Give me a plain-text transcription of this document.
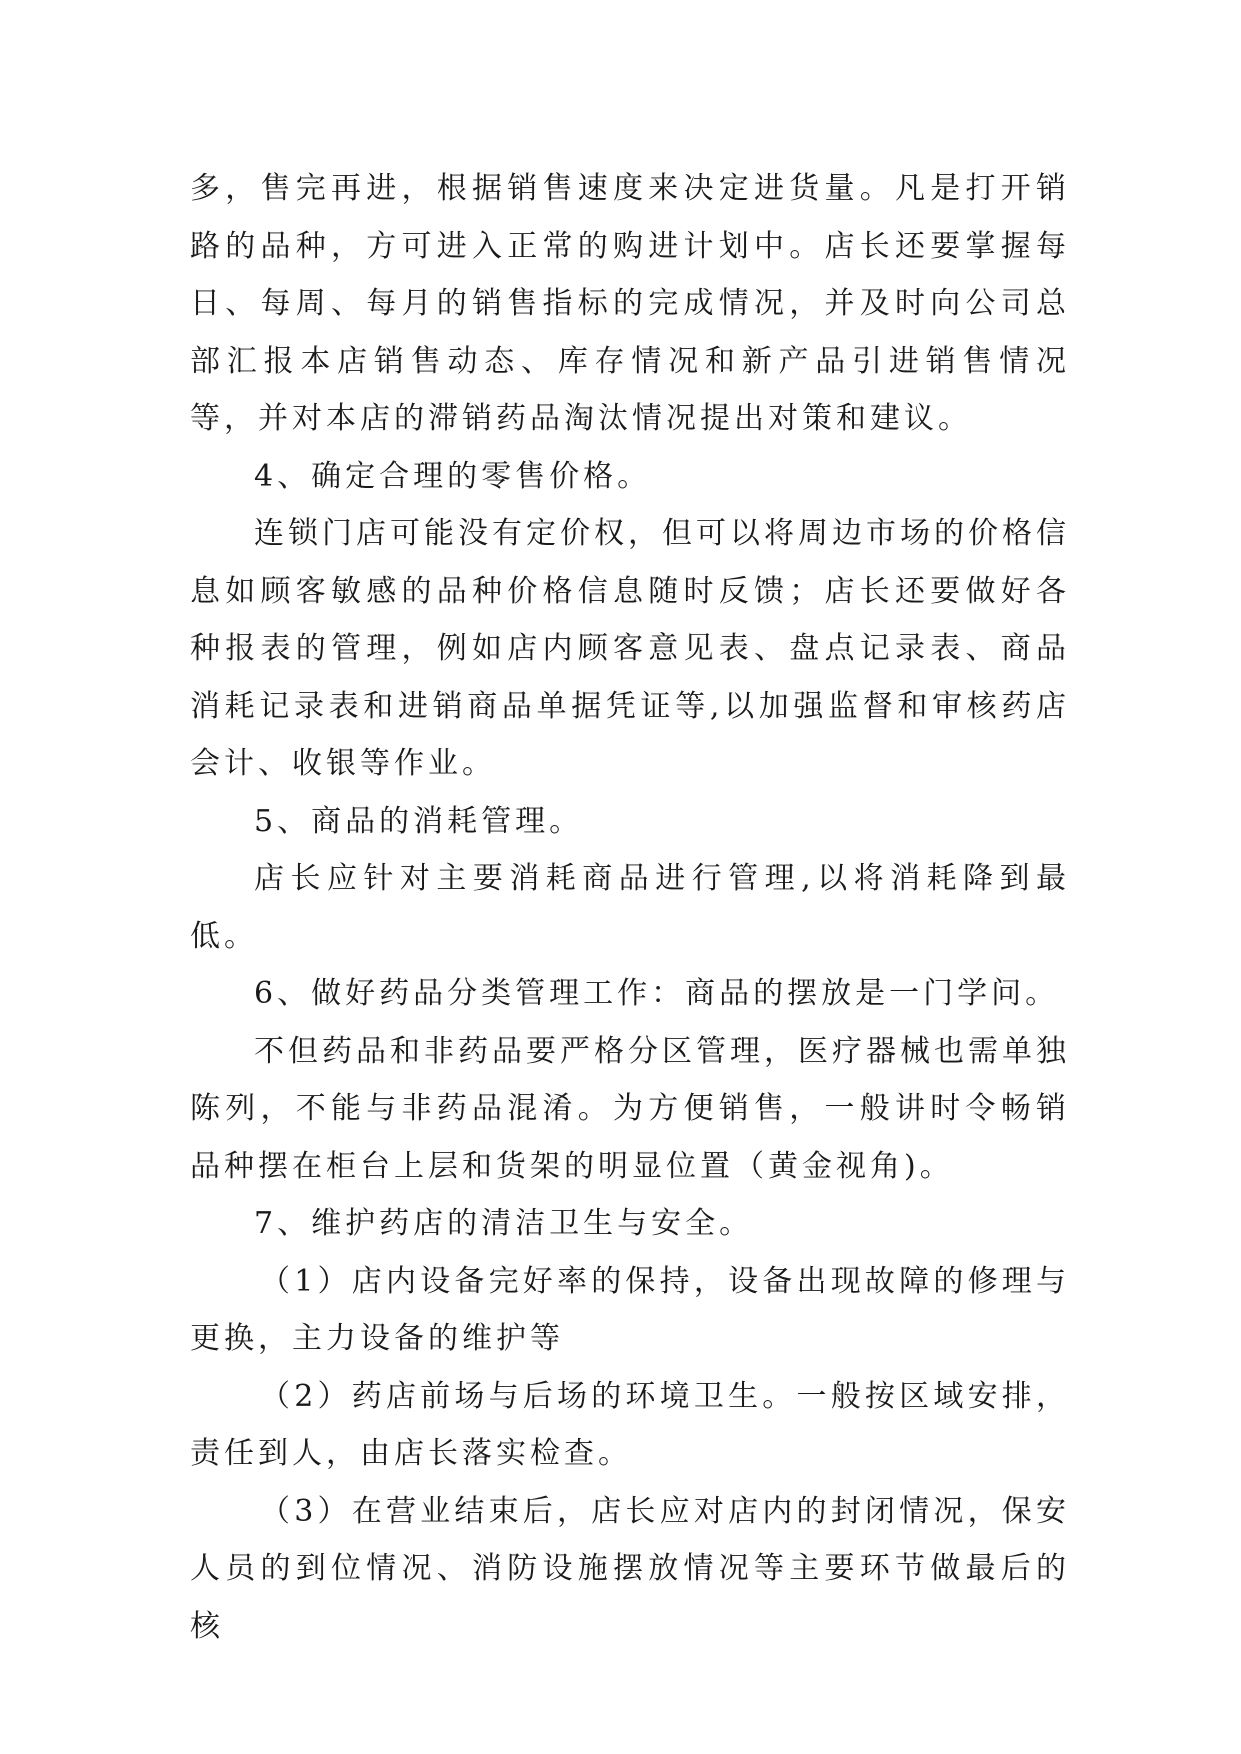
多，售完再进，根据销售速度来决定进货量。凡是打开销路的品种，方可进入正常的购进计划中。店长还要掌握每日、每周、每月的销售指标的完成情况，并及时向公司总部汇报本店销售动态、库存情况和新产品引进销售情况等，并对本店的滞销药品淘汰情况提出对策和建议。

4、确定合理的零售价格。

连锁门店可能没有定价权，但可以将周边市场的价格信息如顾客敏感的品种价格信息随时反馈；店长还要做好各种报表的管理，例如店内顾客意见表、盘点记录表、商品消耗记录表和进销商品单据凭证等,以加强监督和审核药店会计、收银等作业。

5、商品的消耗管理。

店长应针对主要消耗商品进行管理,以将消耗降到最低。

6、做好药品分类管理工作：商品的摆放是一门学问。

不但药品和非药品要严格分区管理，医疗器械也需单独陈列，不能与非药品混淆。为方便销售，一般讲时令畅销品种摆在柜台上层和货架的明显位置（黄金视角)。

7、维护药店的清洁卫生与安全。

（1）店内设备完好率的保持，设备出现故障的修理与更换，主力设备的维护等

（2）药店前场与后场的环境卫生。一般按区域安排，责任到人，由店长落实检查。

（3）在营业结束后，店长应对店内的封闭情况，保安人员的到位情况、消防设施摆放情况等主要环节做最后的核
